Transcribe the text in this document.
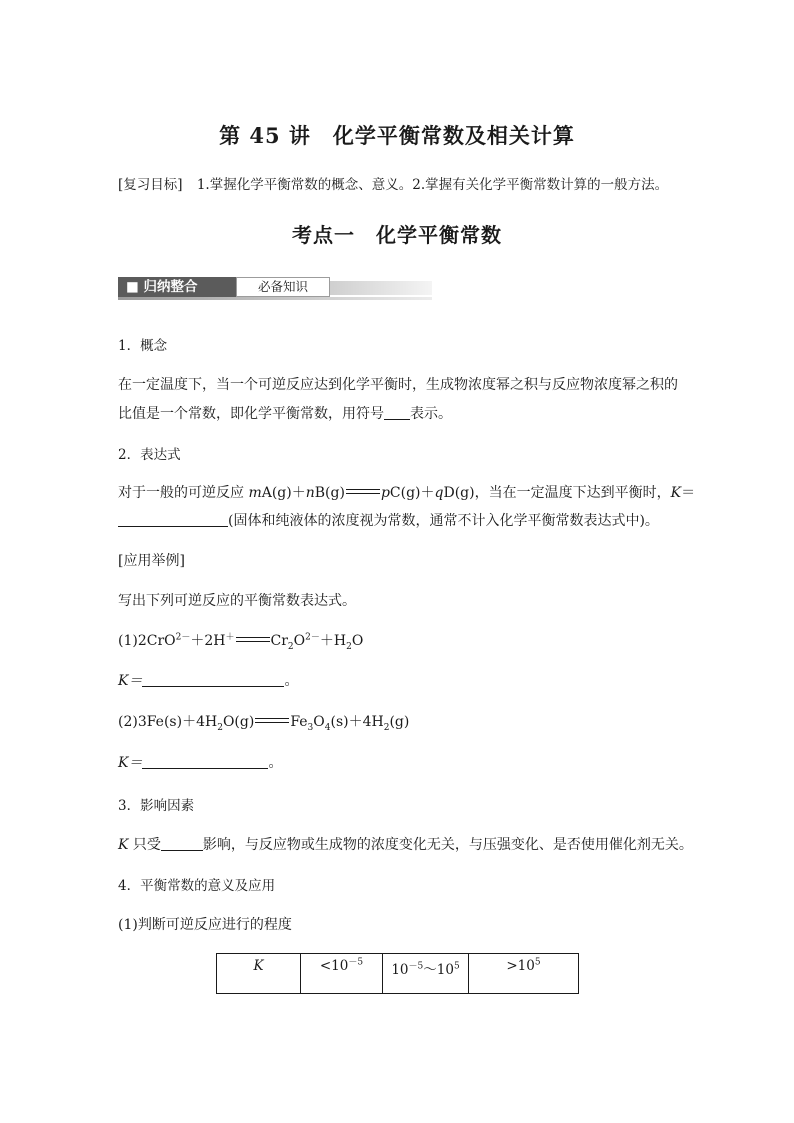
第 45 讲　化学平衡常数及相关计算
[复习目标] 1.掌握化学平衡常数的概念、意义。2.掌握有关化学平衡常数计算的一般方法。
考点一　化学平衡常数
■ 归纳整合	必备知识
1．概念
在一定温度下，当一个可逆反应达到化学平衡时，生成物浓度幂之积与反应物浓度幂之积的
比值是一个常数，即化学平衡常数，用符号 表示。
2．表达式
对于一般的可逆反应 mA(g)＋nB(g)	pC(g)＋qD(g)，当在一定温度下达到平衡时，K＝
(固体和纯液体的浓度视为常数，通常不计入化学平衡常数表达式中)。
[应用举例]
写出下列可逆反应的平衡常数表达式。
(1)2CrO$^{2-}$＋2H＋	$Cr_2O^{2-}+H_2O$
K＝	。
$(2)3Fe(s)+4H_2O(g)$	$Fe_3O_4(s)+4H_2(g)$
K＝	。
3．影响因素
K 只受	影响，与反应物或生成物的浓度变化无关，与压强变化、是否使用催化剂无关。
4．平衡常数的意义及应用
(1)判断可逆反应进行的程度
K	$<10^{-5}$	$10^{-5}\sim 10^5$	$>10^5$
